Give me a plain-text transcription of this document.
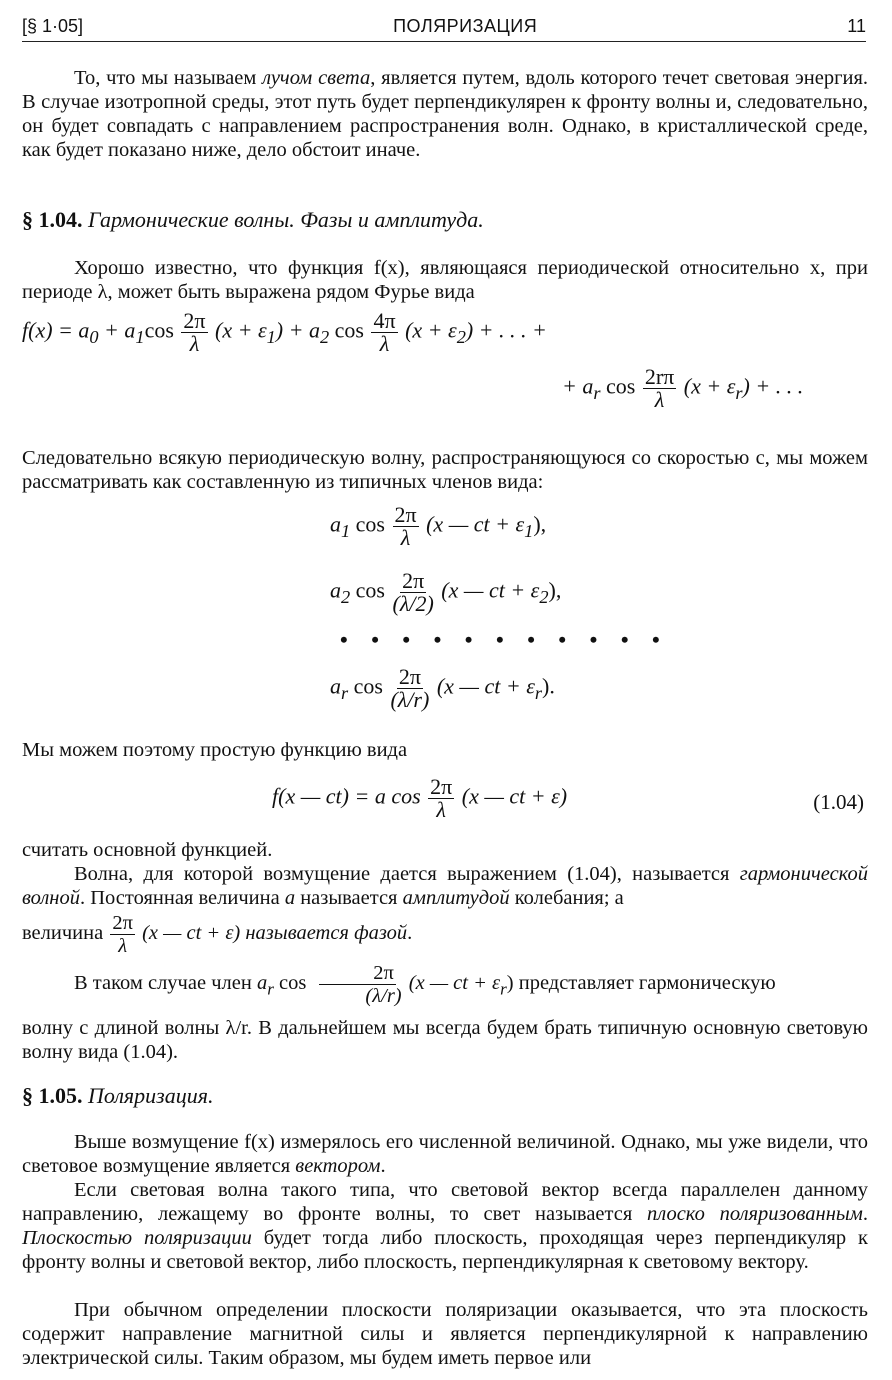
[§ 1·05]	ПОЛЯРИЗАЦИЯ	11
То, что мы называем лучом света, является путем, вдоль которого течет световая энергия. В случае изотропной среды, этот путь будет перпендикулярен к фронту волны и, следовательно, он будет совпадать с направлением распространения волн. Однако, в кристаллической среде, как будет показано ниже, дело обстоит иначе.
§ 1.04. Гармонические волны. Фазы и амплитуда.
Хорошо известно, что функция f(x), являющаяся периодической относительно x, при периоде λ, может быть выражена рядом Фурье вида
$f(x) = a_0 + a_1\cos \frac{2\pi}{\lambda} (x + \varepsilon_1) + a_2$ $\cos \frac{4\pi}{\lambda} (x + \varepsilon_2)$ + . . . +
+ $a_r$ $\cos \frac{2r\pi}{\lambda} (x + \varepsilon_r)$ + . . .
Следовательно всякую периодическую волну, распространяющуюся со скоростью c, мы можем рассматривать как составленную из типичных членов вида:
$a_1$ $\cos \frac{2\pi}{\lambda} (x$ — ct + $\varepsilon_1$),
$a_2$ $\cos \frac{2\pi}{(\lambda/2)} (x$ — ct + $\varepsilon_2$),
• • • • • • • • • • •
$a_r$ $\cos \frac{2\pi}{(\lambda/r)} (x$ — ct + $\varepsilon_r$).
Мы можем поэтому простую функцию вида
f(x — ct) = a $\cos \frac{2\pi}{\lambda} (x$ — ct + ε)	(1.04)
считать основной функцией.
Волна, для которой возмущение дается выражением (1.04), называется гармонической волной. Постоянная величина a называется амплитудой колебания; а
величина $\frac{2\pi}{\lambda} (x$ — ct + ε) называется фазой.
В таком случае член $a_r$ $\cos \frac{2\pi}{(\lambda/r)} (x$ — ct + $\varepsilon_r$) представляет гармоническую
волну с длиной волны λ/r. В дальнейшем мы всегда будем брать типичную основную световую волну вида (1.04).
§ 1.05. Поляризация.
Выше возмущение f(x) измерялось его численной величиной. Однако, мы уже видели, что световое возмущение является вектором.
Если световая волна такого типа, что световой вектор всегда параллелен данному направлению, лежащему во фронте волны, то свет называется плоско поляризованным. Плоскостью поляризации будет тогда либо плоскость, проходящая через перпендикуляр к фронту волны и световой вектор, либо плоскость, перпендикулярная к световому вектору.
При обычном определении плоскости поляризации оказывается, что эта плоскость содержит направление магнитной силы и является перпендикулярной к направлению электрической силы. Таким образом, мы будем иметь первое или
